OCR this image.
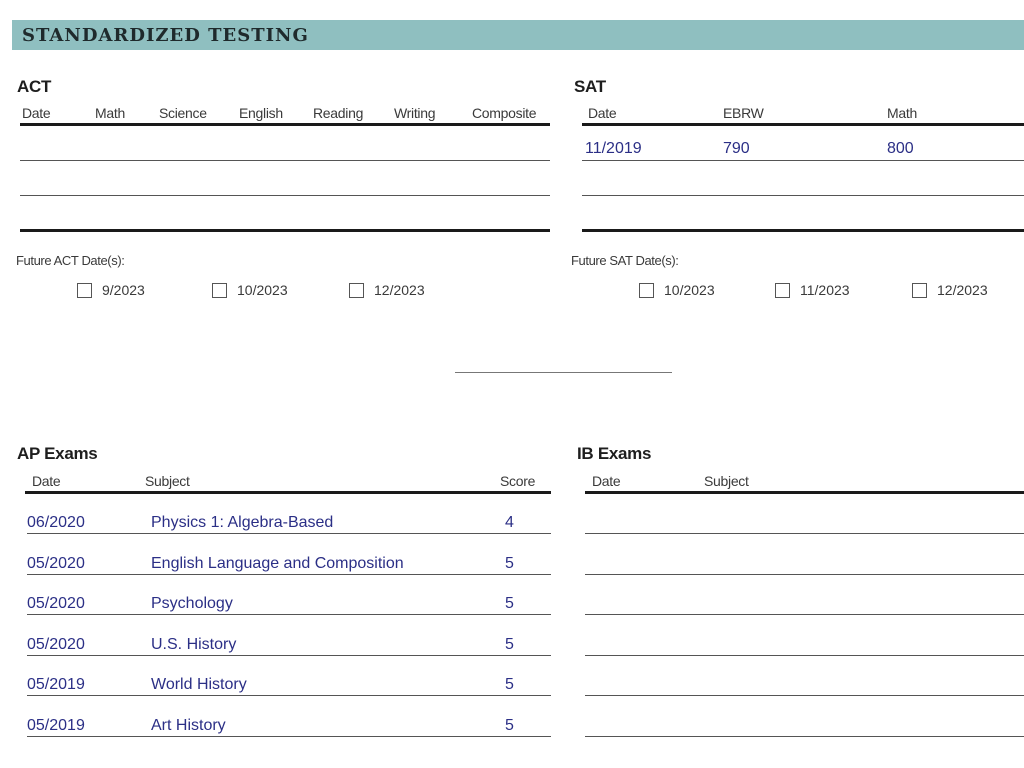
STANDARDIZED TESTING
ACT
Date	Math Science English Reading Writing	Composite
Future ACT Date(s):
9/2023	10/2023	12/2023
SAT
Date	EBRW	Math
11/2019	790	800
Future SAT Date(s):
10/2023	11/2023	12/2023
AP Exams
Date	Subject	Score
06/2020	Physics 1: Algebra-Based	4
05/2020	English Language and Composition	5
05/2020	Psychology	5
05/2020	U.S. History	5
05/2019	World History	5
05/2019	Art History	5
IB Exams
Date	Subject
